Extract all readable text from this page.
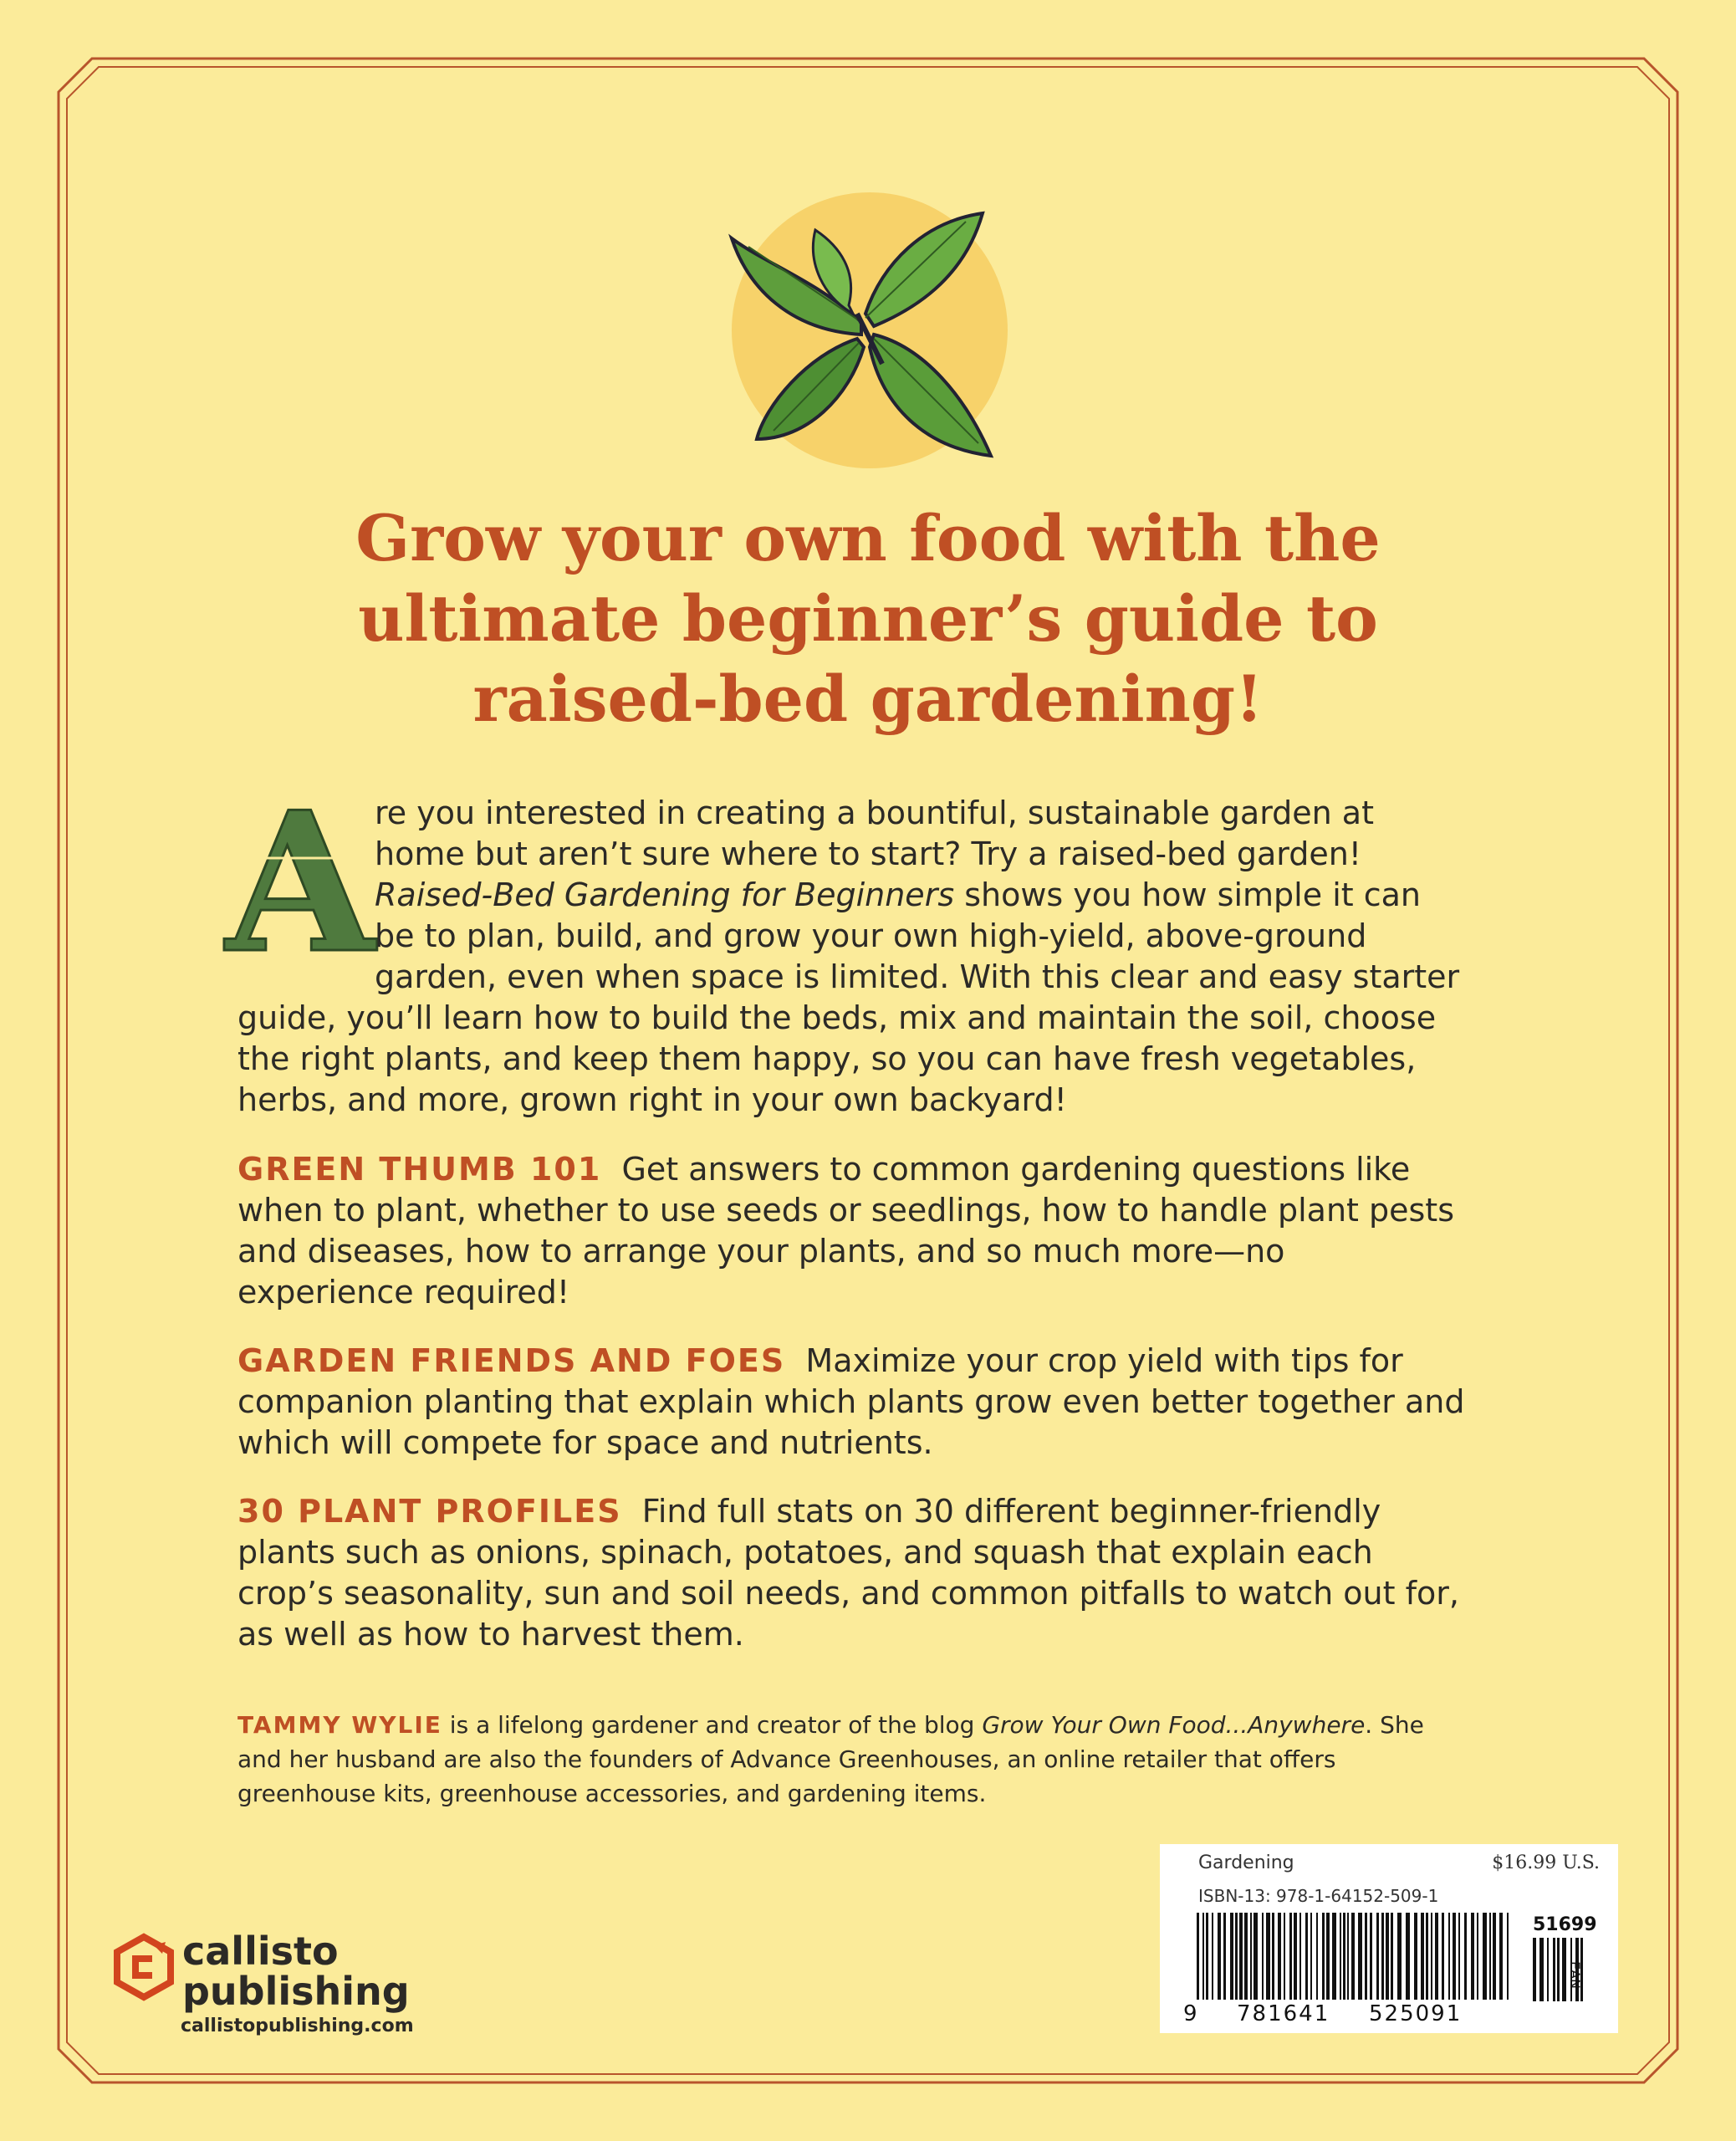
Grow your own food with the
ultimate beginner’s guide to
raised-bed gardening!
A re you interested in creating a bountiful, sustainable garden at home but aren’t sure where to start? Try a raised-bed garden! Raised-Bed Gardening for Beginners shows you how simple it can be to plan, build, and grow your own high-yield, above-ground garden, even when space is limited. With this clear and easy starter guide, you’ll learn how to build the beds, mix and maintain the soil, choose the right plants, and keep them happy, so you can have fresh vegetables, herbs, and more, grown right in your own backyard!

GREEN THUMB 101 Get answers to common gardening questions like when to plant, whether to use seeds or seedlings, how to handle plant pests and diseases, how to arrange your plants, and so much more—no experience required!

GARDEN FRIENDS AND FOES Maximize your crop yield with tips for companion planting that explain which plants grow even better together and which will compete for space and nutrients.

30 PLANT PROFILES Find full stats on 30 different beginner-friendly plants such as onions, spinach, potatoes, and squash that explain each crop’s seasonality, sun and soil needs, and common pitfalls to watch out for, as well as how to harvest them.

TAMMY WYLIE is a lifelong gardener and creator of the blog Grow Your Own Food...Anywhere. She and her husband are also the founders of Advance Greenhouses, an online retailer that offers greenhouse kits, greenhouse accessories, and gardening items.
callisto
publishing
callistopublishing.com
Gardening	$16.99 U.S.
ISBN-13: 978-1-64152-509-1
51699
9 781641 525091
EAN
